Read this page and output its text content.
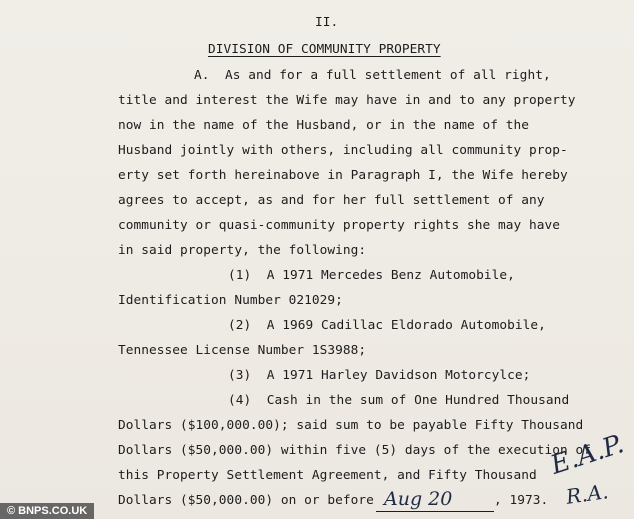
II.
DIVISION OF COMMUNITY PROPERTY
A.  As and for a full settlement of all right,
title and interest the Wife may have in and to any property
now in the name of the Husband, or in the name of the
Husband jointly with others, including all community prop-
erty set forth hereinabove in Paragraph I, the Wife hereby
agrees to accept, as and for her full settlement of any
community or quasi-community property rights she may have
in said property, the following:
(1)  A 1971 Mercedes Benz Automobile,
Identification Number 021029;
(2)  A 1969 Cadillac Eldorado Automobile,
Tennessee License Number 1S3988;
(3)  A 1971 Harley Davidson Motorcylce;
(4)  Cash in the sum of One Hundred Thousand
Dollars ($100,000.00); said sum to be payable Fifty Thousand
Dollars ($50,000.00) within five (5) days of the execution of
this Property Settlement Agreement, and Fifty Thousand
Dollars ($50,000.00) on or before Aug 20	, 1973.
E.A.P.
R.A.
© BNPS.CO.UK
